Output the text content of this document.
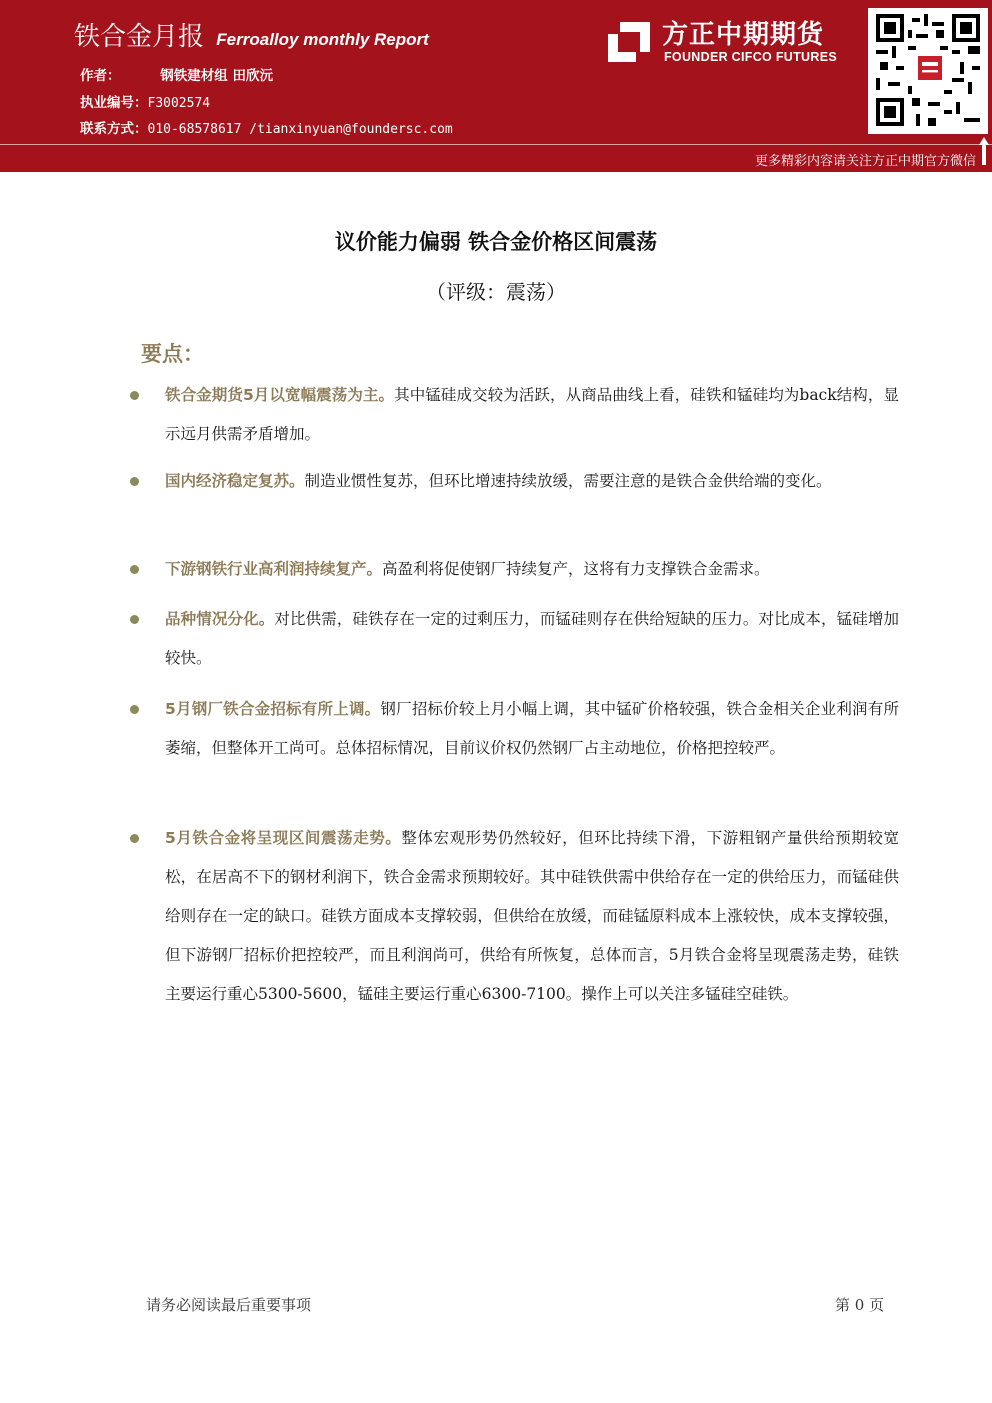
铁合金月报 Ferroalloy monthly Report
作者：	钢铁建材组 田欣沅
执业编号：F3002574
联系方式：010-68578617 /tianxinyuan@foundersc.com
方正中期期货
FOUNDER CIFCO FUTURES
更多精彩内容请关注方正中期官方微信
议价能力偏弱 铁合金价格区间震荡
（评级：震荡）
要点：
铁合金期货5月以宽幅震荡为主。其中锰硅成交较为活跃，从商品曲线上看，硅铁和锰硅均为back结构，显示远月供需矛盾增加。
国内经济稳定复苏。制造业惯性复苏，但环比增速持续放缓，需要注意的是铁合金供给端的变化。
下游钢铁行业高利润持续复产。高盈利将促使钢厂持续复产，这将有力支撑铁合金需求。
品种情况分化。对比供需，硅铁存在一定的过剩压力，而锰硅则存在供给短缺的压力。对比成本，锰硅增加较快。
5月钢厂铁合金招标有所上调。钢厂招标价较上月小幅上调，其中锰矿价格较强，铁合金相关企业利润有所萎缩，但整体开工尚可。总体招标情况，目前议价权仍然钢厂占主动地位，价格把控较严。
5月铁合金将呈现区间震荡走势。整体宏观形势仍然较好，但环比持续下滑，下游粗钢产量供给预期较宽松，在居高不下的钢材利润下，铁合金需求预期较好。其中硅铁供需中供给存在一定的供给压力，而锰硅供给则存在一定的缺口。硅铁方面成本支撑较弱，但供给在放缓，而硅锰原料成本上涨较快，成本支撑较强，但下游钢厂招标价把控较严，而且利润尚可，供给有所恢复，总体而言，5月铁合金将呈现震荡走势，硅铁主要运行重心5300-5600，锰硅主要运行重心6300-7100。操作上可以关注多锰硅空硅铁。
请务必阅读最后重要事项	第 0 页
